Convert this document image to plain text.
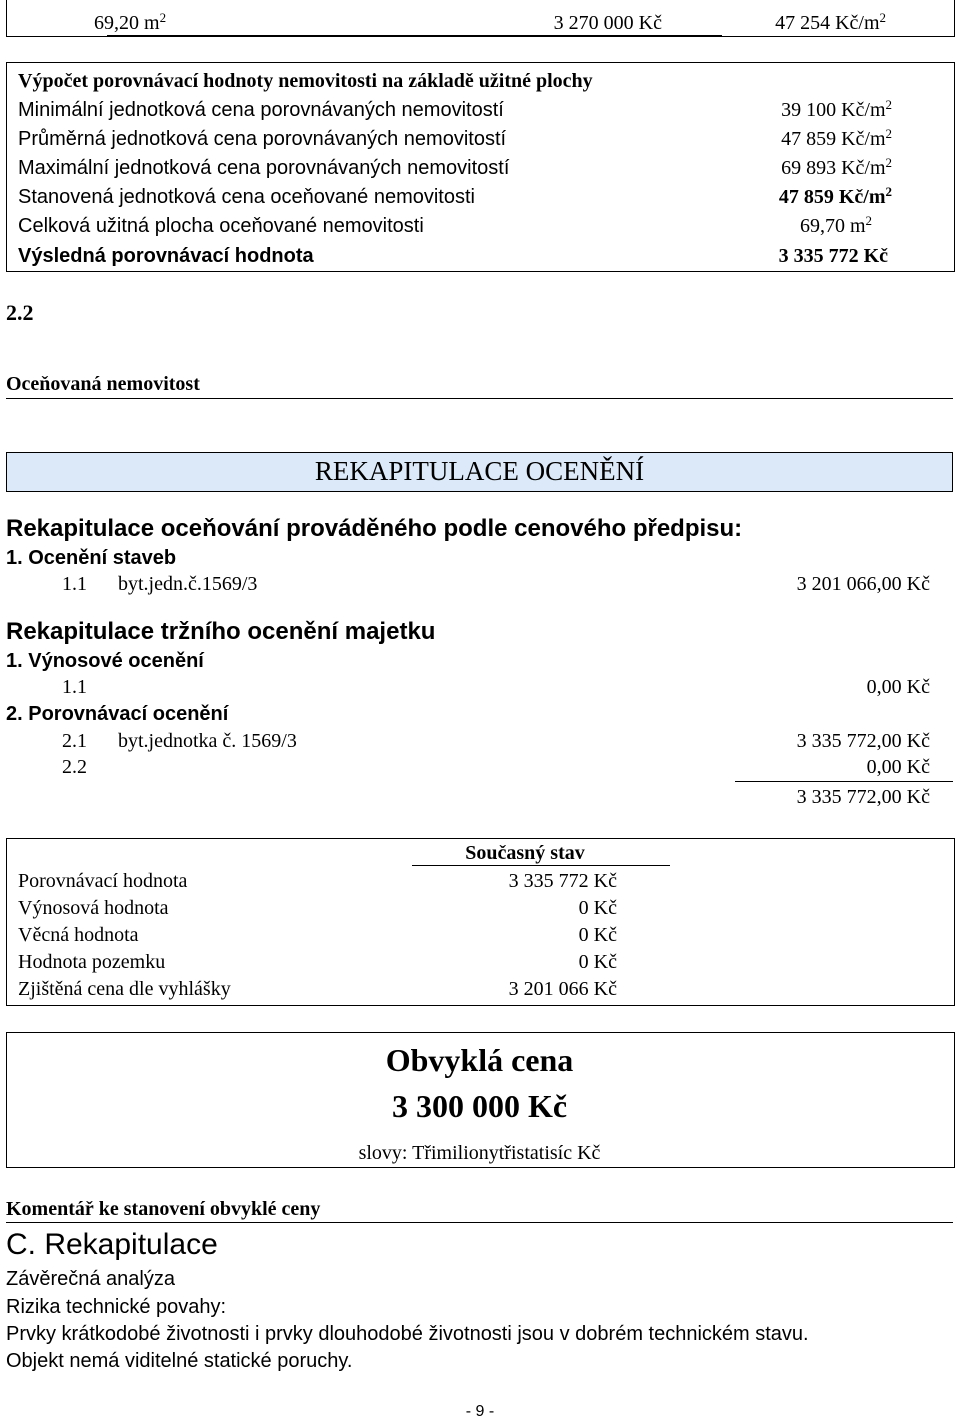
69,20 $m^2$	3 270 000 Kč	47 254 $Kč/m^2$
Výpočet porovnávací hodnoty nemovitosti na základě užitné plochy
Minimální jednotková cena porovnávaných nemovitostí	39 100 $Kč/m^2$
Průměrná jednotková cena porovnávaných nemovitostí	47 859 $Kč/m^2$
Maximální jednotková cena porovnávaných nemovitostí	69 893 $Kč/m^2$
Stanovená jednotková cena oceňované nemovitosti	47 859 $Kč/m^2$
Celková užitná plocha oceňované nemovitosti	69,70 $m^2$
Výsledná porovnávací hodnota	3 335 772 Kč
2.2
Oceňovaná nemovitost
REKAPITULACE OCENĚNÍ
Rekapitulace oceňování prováděného podle cenového předpisu:
1. Ocenění staveb
1.1 byt.jedn.č.1569/3	3 201 066,00 Kč
Rekapitulace tržního ocenění majetku
1. Výnosové ocenění
1.1	0,00 Kč
2. Porovnávací ocenění
2.1 byt.jednotka č. 1569/3	3 335 772,00 Kč
2.2	0,00 Kč
3 335 772,00 Kč
Současný stav
Porovnávací hodnota	3 335 772 Kč
Výnosová hodnota	0 Kč
Věcná hodnota	0 Kč
Hodnota pozemku	0 Kč
Zjištěná cena dle vyhlášky	3 201 066 Kč
Obvyklá cena
3 300 000 Kč
slovy: Třimilionytřistatisíc Kč
Komentář ke stanovení obvyklé ceny
C. Rekapitulace
Závěrečná analýza
Rizika technické povahy:
Prvky krátkodobé životnosti i prvky dlouhodobé životnosti jsou v dobrém technickém stavu.
Objekt nemá viditelné statické poruchy.
- 9 -
